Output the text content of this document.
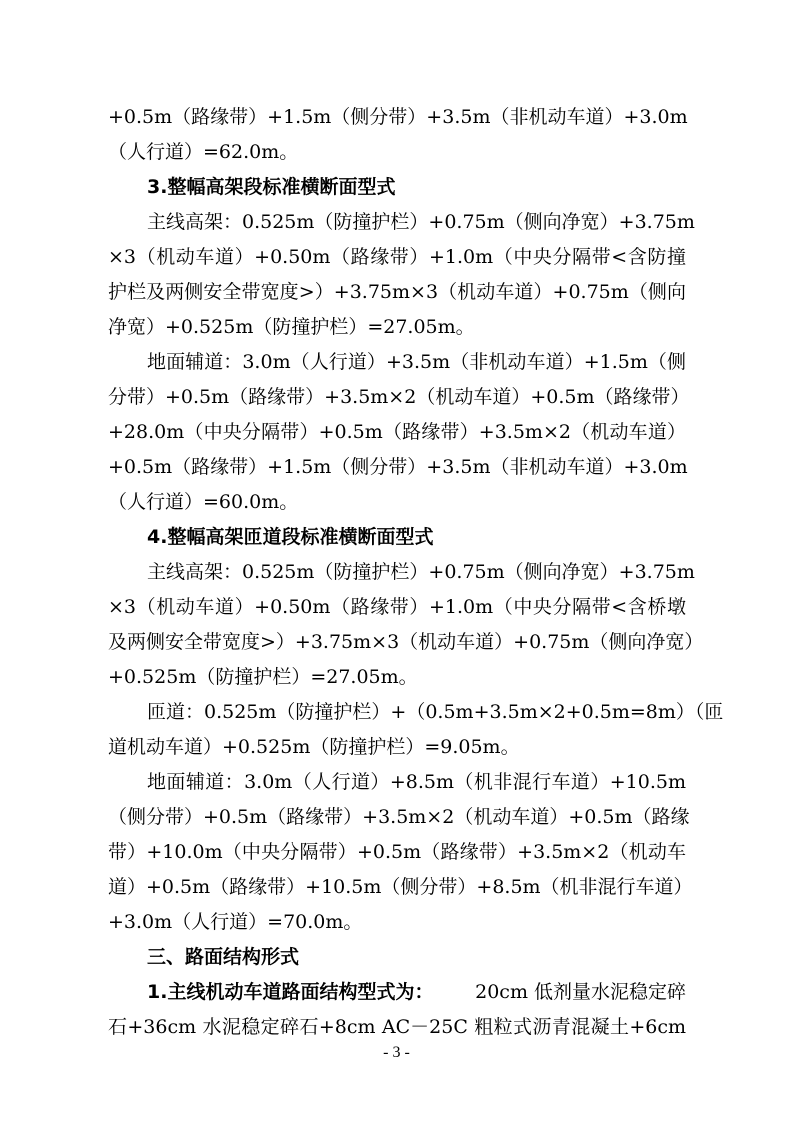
+0.5m（路缘带）+1.5m（侧分带）+3.5m（非机动车道）+3.0m
（人行道）=62.0m。
3.整幅高架段标准横断面型式
主线高架：0.525m（防撞护栏）+0.75m（侧向净宽）+3.75m
×3（机动车道）+0.50m（路缘带）+1.0m（中央分隔带<含防撞
护栏及两侧安全带宽度>）+3.75m×3（机动车道）+0.75m（侧向
净宽）+0.525m（防撞护栏）=27.05m。
地面辅道：3.0m（人行道）+3.5m（非机动车道）+1.5m（侧
分带）+0.5m（路缘带）+3.5m×2（机动车道）+0.5m（路缘带）
+28.0m（中央分隔带）+0.5m（路缘带）+3.5m×2（机动车道）
+0.5m（路缘带）+1.5m（侧分带）+3.5m（非机动车道）+3.0m
（人行道）=60.0m。
4.整幅高架匝道段标准横断面型式
主线高架：0.525m（防撞护栏）+0.75m（侧向净宽）+3.75m
×3（机动车道）+0.50m（路缘带）+1.0m（中央分隔带<含桥墩
及两侧安全带宽度>）+3.75m×3（机动车道）+0.75m（侧向净宽）
+0.525m（防撞护栏）=27.05m。
匝道：0.525m（防撞护栏）+（0.5m+3.5m×2+0.5m=8m）（匝
道机动车道）+0.525m（防撞护栏）=9.05m。
地面辅道：3.0m（人行道）+8.5m（机非混行车道）+10.5m
（侧分带）+0.5m（路缘带）+3.5m×2（机动车道）+0.5m（路缘
带）+10.0m（中央分隔带）+0.5m（路缘带）+3.5m×2（机动车
道）+0.5m（路缘带）+10.5m（侧分带）+8.5m（机非混行车道）
+3.0m（人行道）=70.0m。
三、路面结构形式
1.主线机动车道路面结构型式为： 20cm 低剂量水泥稳定碎
石+36cm 水泥稳定碎石+8cm AC－25C 粗粒式沥青混凝土+6cm
- 3 -
